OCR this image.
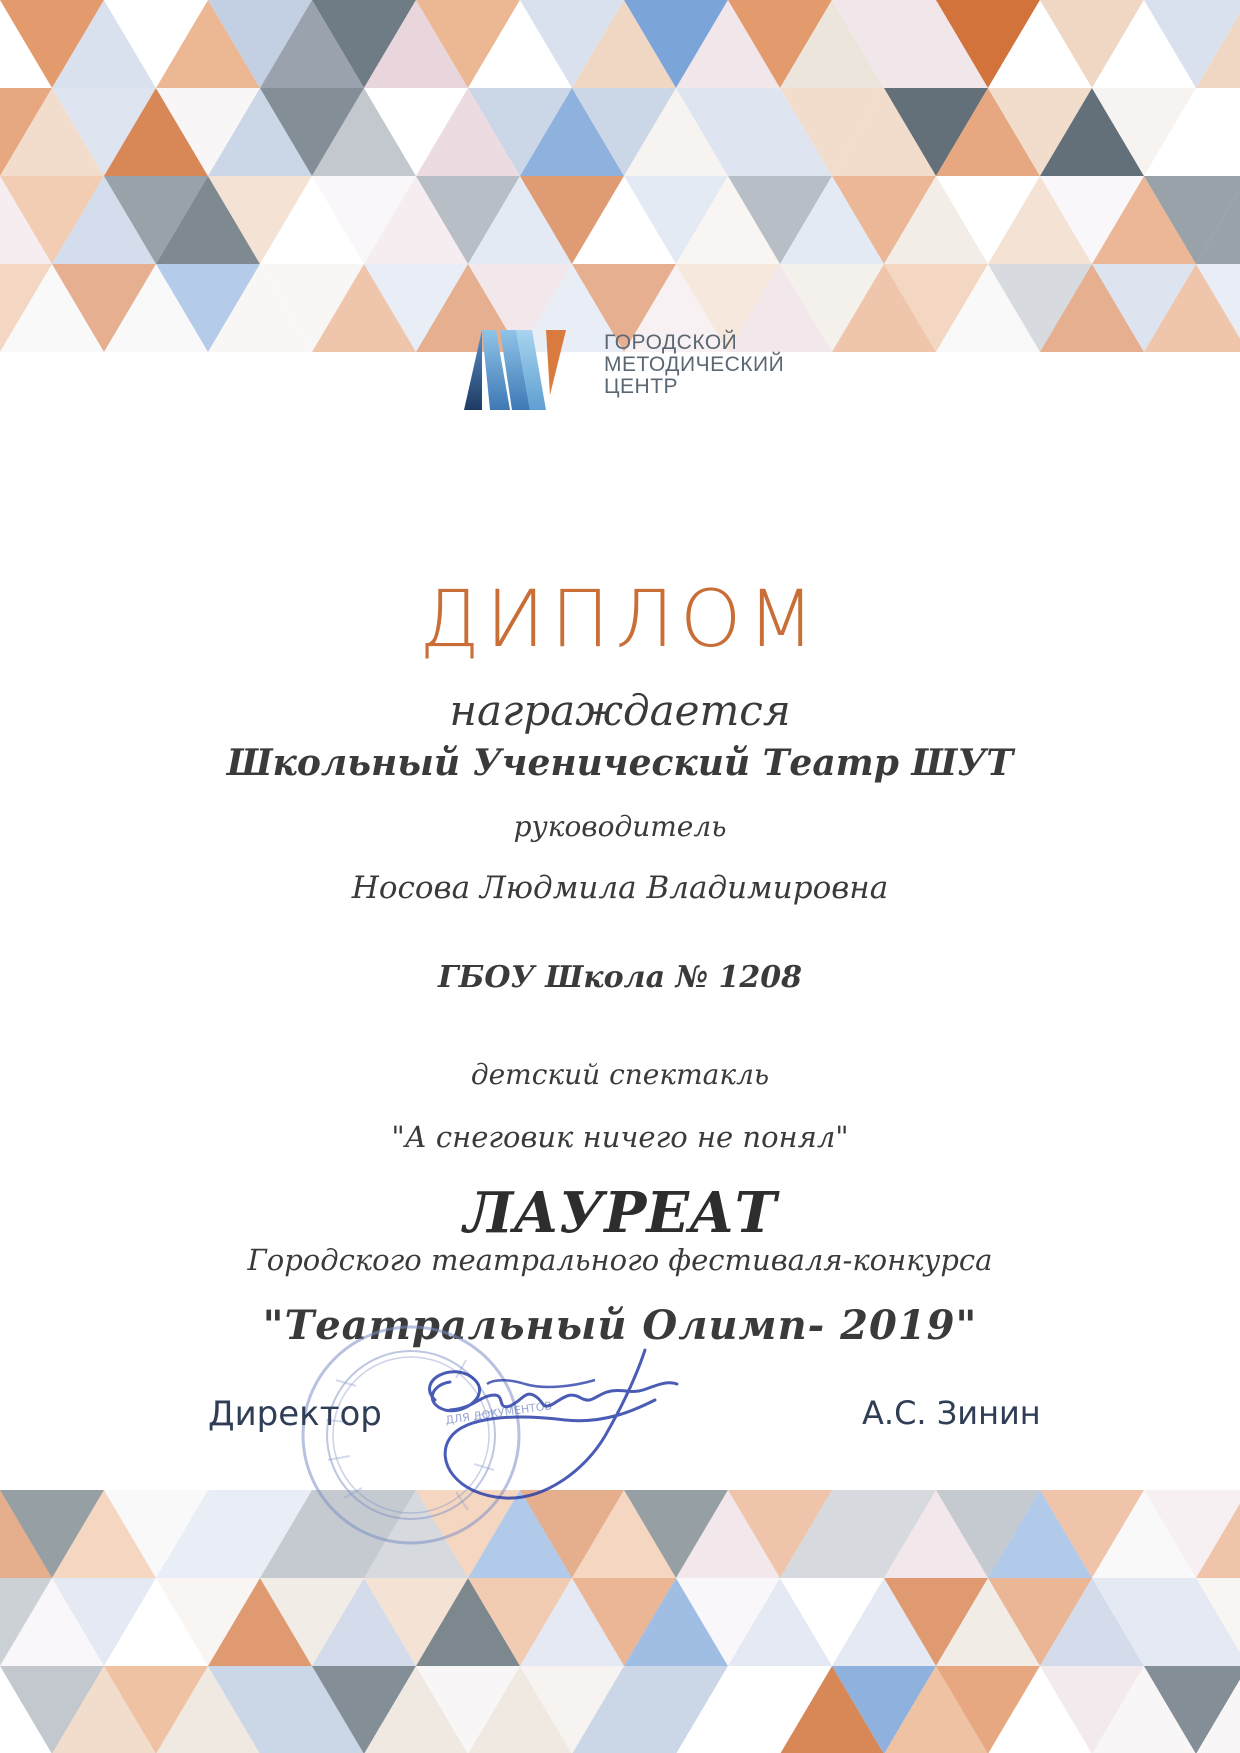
ГОРОДСКОЙ
МЕТОДИЧЕСКИЙ
ЦЕНТР
ДИПЛОМ
награждается
Школьный Ученический Театр ШУТ
руководитель
Носова Людмила Владимировна
ГБОУ Школа № 1208
детский спектакль
"А снеговик ничего не понял"
ЛАУРЕАТ
Городского театрального фестиваля-конкурса
"Театральный Олимп- 2019"
ДЛЯ ДОКУМЕНТОВ
Директор	А.С. Зинин
